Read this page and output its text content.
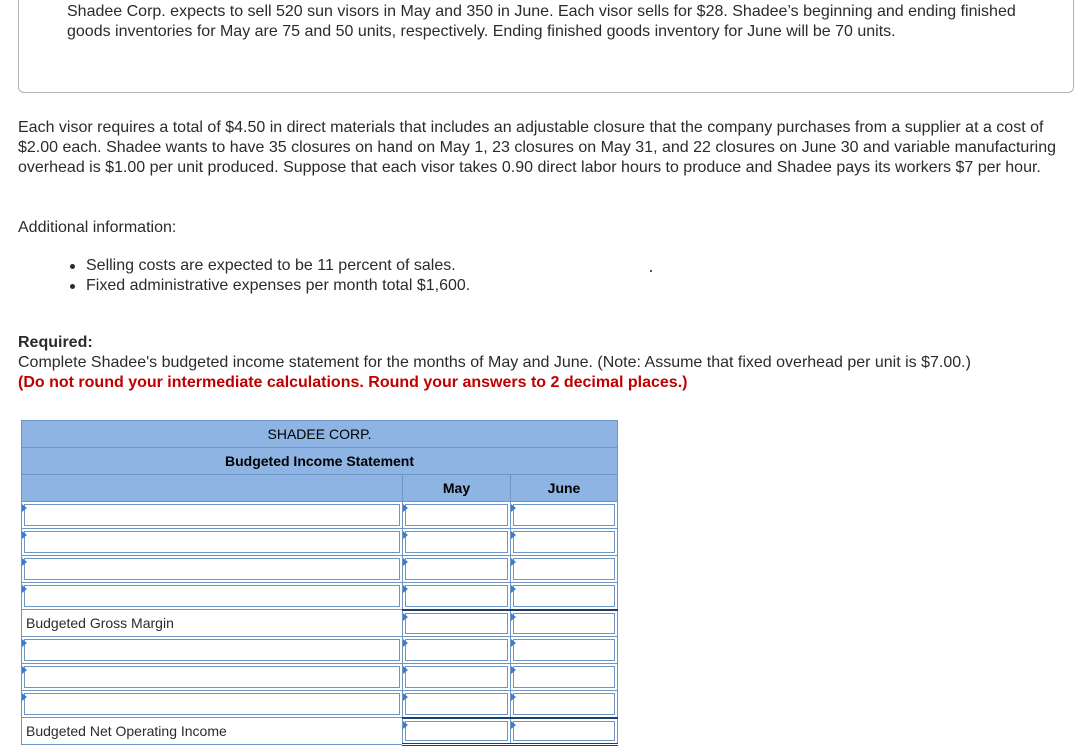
Shadee Corp. expects to sell 520 sun visors in May and 350 in June. Each visor sells for $28. Shadee’s beginning and ending finished goods inventories for May are 75 and 50 units, respectively. Ending finished goods inventory for June will be 70 units.

Each visor requires a total of $4.50 in direct materials that includes an adjustable closure that the company purchases from a supplier at a cost of $2.00 each. Shadee wants to have 35 closures on hand on May 1, 23 closures on May 31, and 22 closures on June 30 and variable manufacturing overhead is $1.00 per unit produced. Suppose that each visor takes 0.90 direct labor hours to produce and Shadee pays its workers $7 per hour.

Additional information:

Selling costs are expected to be 11 percent of sales.
Fixed administrative expenses per month total $1,600.

Required:

Complete Shadee's budgeted income statement for the months of May and June. (Note: Assume that fixed overhead per unit is $7.00.)

(Do not round your intermediate calculations. Round your answers to 2 decimal places.)

SHADEE CORP.		
Budgeted Income Statement		
	May	June

Budgeted Gross Margin	

Budgeted Net Operating Income	
